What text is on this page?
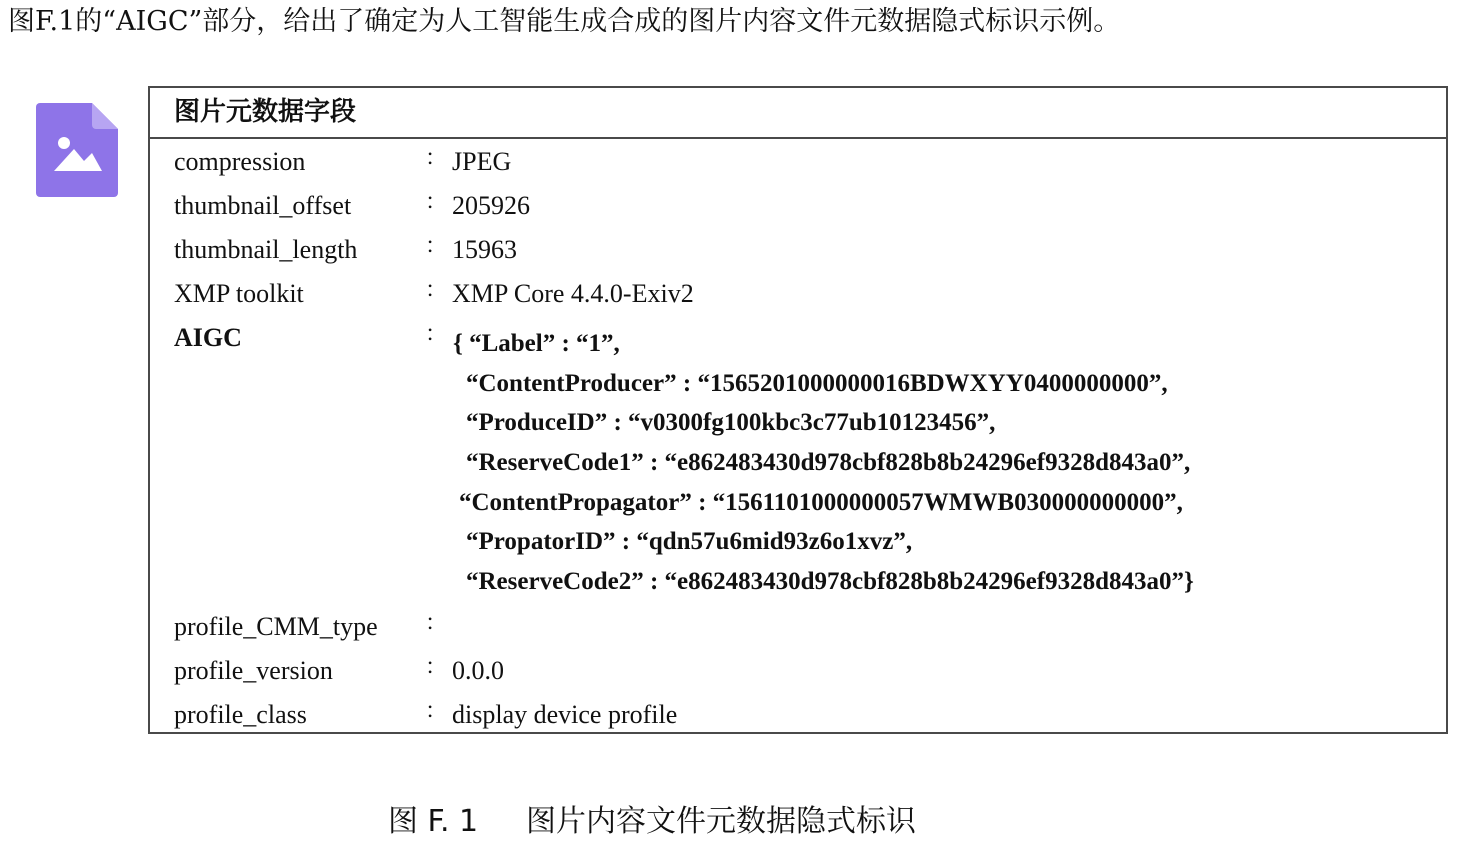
图F.1的“AIGC”部分，给出了确定为人工智能生成合成的图片内容文件元数据隐式标识示例。
图片元数据字段
compression	： JPEG
thumbnail_offset	： 205926
thumbnail_length	： 15963
XMP toolkit	： XMP Core 4.4.0-Exiv2
AIGC	： { “Label” : “1”,
“ContentProducer” : “1565201000000016BDWXYY0400000000”,
“ProduceID” : “v0300fg100kbc3c77ub10123456”,
“ReserveCode1” : “e862483430d978cbf828b8b24296ef9328d843a0”,
“ContentPropagator” : “1561101000000057WMWB030000000000”,
“PropatorID” : “qdn57u6mid93z6o1xvz”,
“ReserveCode2” : “e862483430d978cbf828b8b24296ef9328d843a0”}
profile_CMM_type ：
profile_version	： 0.0.0
profile_class	： display device profile
图 F. 1 图片内容文件元数据隐式标识
